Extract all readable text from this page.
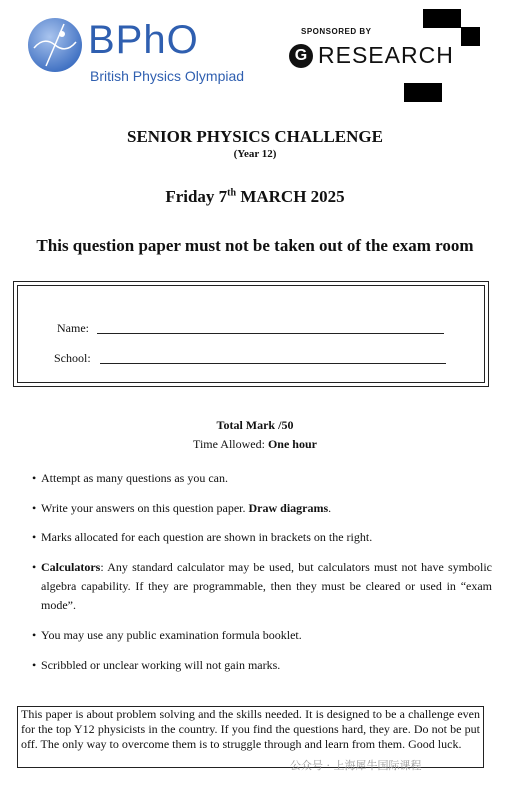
BPhO
British Physics Olympiad
SPONSORED BY
G RESEARCH
SENIOR PHYSICS CHALLENGE
(Year 12)
Friday 7th MARCH 2025
This question paper must not be taken out of the exam room
Name:
School:
Total Mark /50
Time Allowed: One hour
• Attempt as many questions as you can.
• Write your answers on this question paper. Draw diagrams.
• Marks allocated for each question are shown in brackets on the right.
• Calculators: Any standard calculator may be used, but calculators must not have symbolic algebra capability. If they are programmable, then they must be cleared or used in “exam mode”.
• You may use any public examination formula booklet.
• Scribbled or unclear working will not gain marks.
This paper is about problem solving and the skills needed. It is designed to be a challenge even for the top Y12 physicists in the country. If you find the questions hard, they are. Do not be put off. The only way to overcome them is to struggle through and learn from them. Good luck.
公众号 · 上海犀牛国际课程
